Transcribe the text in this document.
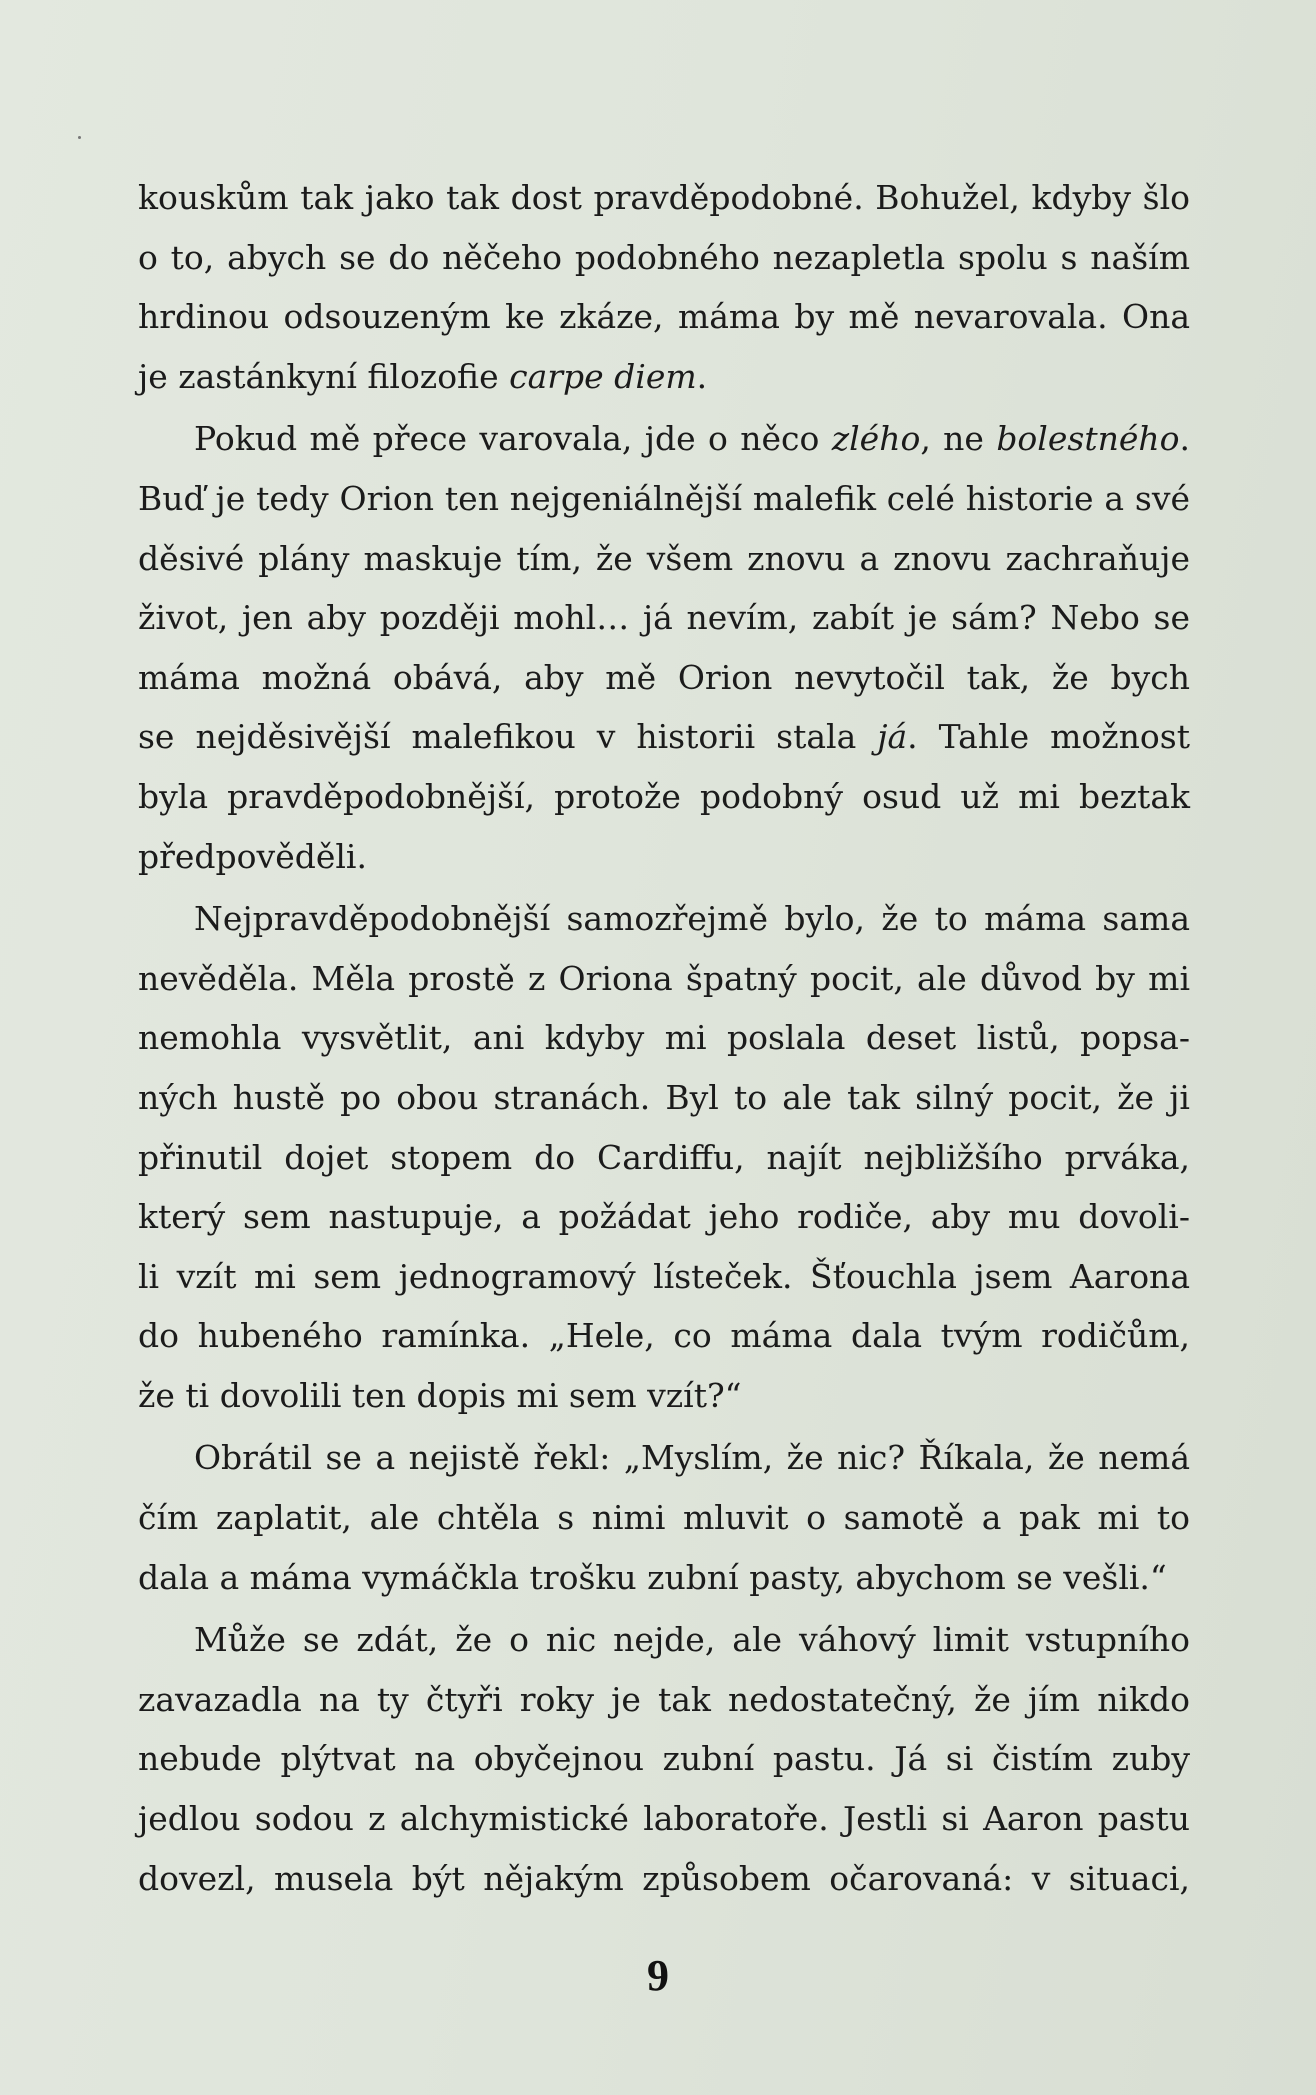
kouskům tak jako tak dost pravděpodobné. Bohužel, kdyby šlo
o to, abych se do něčeho podobného nezapletla spolu s naším
hrdinou odsouzeným ke zkáze, máma by mě nevarovala. Ona
je zastánkyní filozofie carpe diem.
Pokud mě přece varovala, jde o něco zlého, ne bolestného.
Buď je tedy Orion ten nejgeniálnější malefik celé historie a své
děsivé plány maskuje tím, že všem znovu a znovu zachraňuje
život, jen aby později mohl… já nevím, zabít je sám? Nebo se
máma možná obává, aby mě Orion nevytočil tak, že bych
se nejděsivější malefikou v historii stala já. Tahle možnost
byla pravděpodobnější, protože podobný osud už mi beztak
předpověděli.
Nejpravděpodobnější samozřejmě bylo, že to máma sama
nevěděla. Měla prostě z Oriona špatný pocit, ale důvod by mi
nemohla vysvětlit, ani kdyby mi poslala deset listů, popsa-
ných hustě po obou stranách. Byl to ale tak silný pocit, že ji
přinutil dojet stopem do Cardiffu, najít nejbližšího prváka,
který sem nastupuje, a požádat jeho rodiče, aby mu dovoli-
li vzít mi sem jednogramový lísteček. Šťouchla jsem Aarona
do hubeného ramínka. „Hele, co máma dala tvým rodičům,
že ti dovolili ten dopis mi sem vzít?“
Obrátil se a nejistě řekl: „Myslím, že nic? Říkala, že nemá
čím zaplatit, ale chtěla s nimi mluvit o samotě a pak mi to
dala a máma vymáčkla trošku zubní pasty, abychom se vešli.“
Může se zdát, že o nic nejde, ale váhový limit vstupního
zavazadla na ty čtyři roky je tak nedostatečný, že jím nikdo
nebude plýtvat na obyčejnou zubní pastu. Já si čistím zuby
jedlou sodou z alchymistické laboratoře. Jestli si Aaron pastu
dovezl, musela být nějakým způsobem očarovaná: v situaci,
9
